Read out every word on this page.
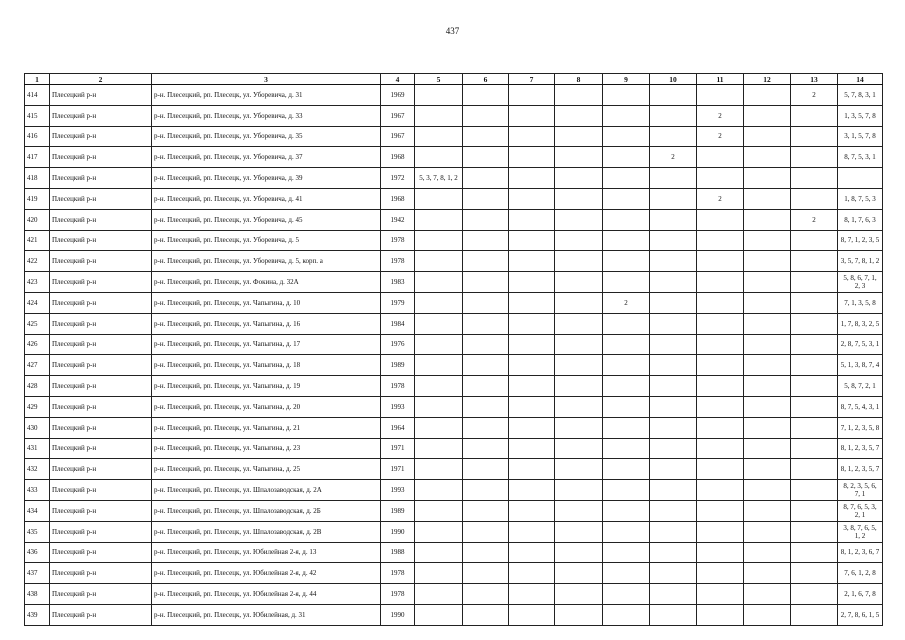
437
1	2	3	4	5	6	7	8	9	10	11	12	13	14
414	Плесецкий р-н	р-н. Плесецкий, рп. Плесецк, ул. Уборевича, д. 31	1969									2	5, 7, 8, 3, 1
415	Плесецкий р-н	р-н. Плесецкий, рп. Плесецк, ул. Уборевича, д. 33	1967							2			1, 3, 5, 7, 8
416	Плесецкий р-н	р-н. Плесецкий, рп. Плесецк, ул. Уборевича, д. 35	1967							2			3, 1, 5, 7, 8
417	Плесецкий р-н	р-н. Плесецкий, рп. Плесецк, ул. Уборевича, д. 37	1968						2				8, 7, 5, 3, 1
418	Плесецкий р-н	р-н. Плесецкий, рп. Плесецк, ул. Уборевича, д. 39	1972	5, 3, 7, 8, 1, 2									
419	Плесецкий р-н	р-н. Плесецкий, рп. Плесецк, ул. Уборевича, д. 41	1968							2			1, 8, 7, 5, 3
420	Плесецкий р-н	р-н. Плесецкий, рп. Плесецк, ул. Уборевича, д. 45	1942									2	8, 1, 7, 6, 3
421	Плесецкий р-н	р-н. Плесецкий, рп. Плесецк, ул. Уборевича, д. 5	1978										8, 7, 1, 2, 3, 5
422	Плесецкий р-н	р-н. Плесецкий, рп. Плесецк, ул. Уборевича, д. 5, корп. а	1978										3, 5, 7, 8, 1, 2
423	Плесецкий р-н	р-н. Плесецкий, рп. Плесецк, ул. Фокина, д. 32А	1983										5, 8, 6, 7, 1, 2, 3
424	Плесецкий р-н	р-н. Плесецкий, рп. Плесецк, ул. Чапыгина, д. 10	1979					2					7, 1, 3, 5, 8
425	Плесецкий р-н	р-н. Плесецкий, рп. Плесецк, ул. Чапыгина, д. 16	1984										1, 7, 8, 3, 2, 5
426	Плесецкий р-н	р-н. Плесецкий, рп. Плесецк, ул. Чапыгина, д. 17	1976										2, 8, 7, 5, 3, 1
427	Плесецкий р-н	р-н. Плесецкий, рп. Плесецк, ул. Чапыгина, д. 18	1989										5, 1, 3, 8, 7, 4
428	Плесецкий р-н	р-н. Плесецкий, рп. Плесецк, ул. Чапыгина, д. 19	1978										5, 8, 7, 2, 1
429	Плесецкий р-н	р-н. Плесецкий, рп. Плесецк, ул. Чапыгина, д. 20	1993										8, 7, 5, 4, 3, 1
430	Плесецкий р-н	р-н. Плесецкий, рп. Плесецк, ул. Чапыгина, д. 21	1964										7, 1, 2, 3, 5, 8
431	Плесецкий р-н	р-н. Плесецкий, рп. Плесецк, ул. Чапыгина, д. 23	1971										8, 1, 2, 3, 5, 7
432	Плесецкий р-н	р-н. Плесецкий, рп. Плесецк, ул. Чапыгина, д. 25	1971										8, 1, 2, 3, 5, 7
433	Плесецкий р-н	р-н. Плесецкий, рп. Плесецк, ул. Шпалозаводская, д. 2А	1993										8, 2, 3, 5, 6, 7, 1
434	Плесецкий р-н	р-н. Плесецкий, рп. Плесецк, ул. Шпалозаводская, д. 2Б	1989										8, 7, 6, 5, 3, 2, 1
435	Плесецкий р-н	р-н. Плесецкий, рп. Плесецк, ул. Шпалозаводская, д. 2В	1990										3, 8, 7, 6, 5, 1, 2
436	Плесецкий р-н	р-н. Плесецкий, рп. Плесецк, ул. Юбилейная 2-я, д. 13	1988										8, 1, 2, 3, 6, 7
437	Плесецкий р-н	р-н. Плесецкий, рп. Плесецк, ул. Юбилейная 2-я, д. 42	1978										7, 6, 1, 2, 8
438	Плесецкий р-н	р-н. Плесецкий, рп. Плесецк, ул. Юбилейная 2-я, д. 44	1978										2, 1, 6, 7, 8
439	Плесецкий р-н	р-н. Плесецкий, рп. Плесецк, ул. Юбилейная, д. 31	1990										2, 7, 8, 6, 1, 5
